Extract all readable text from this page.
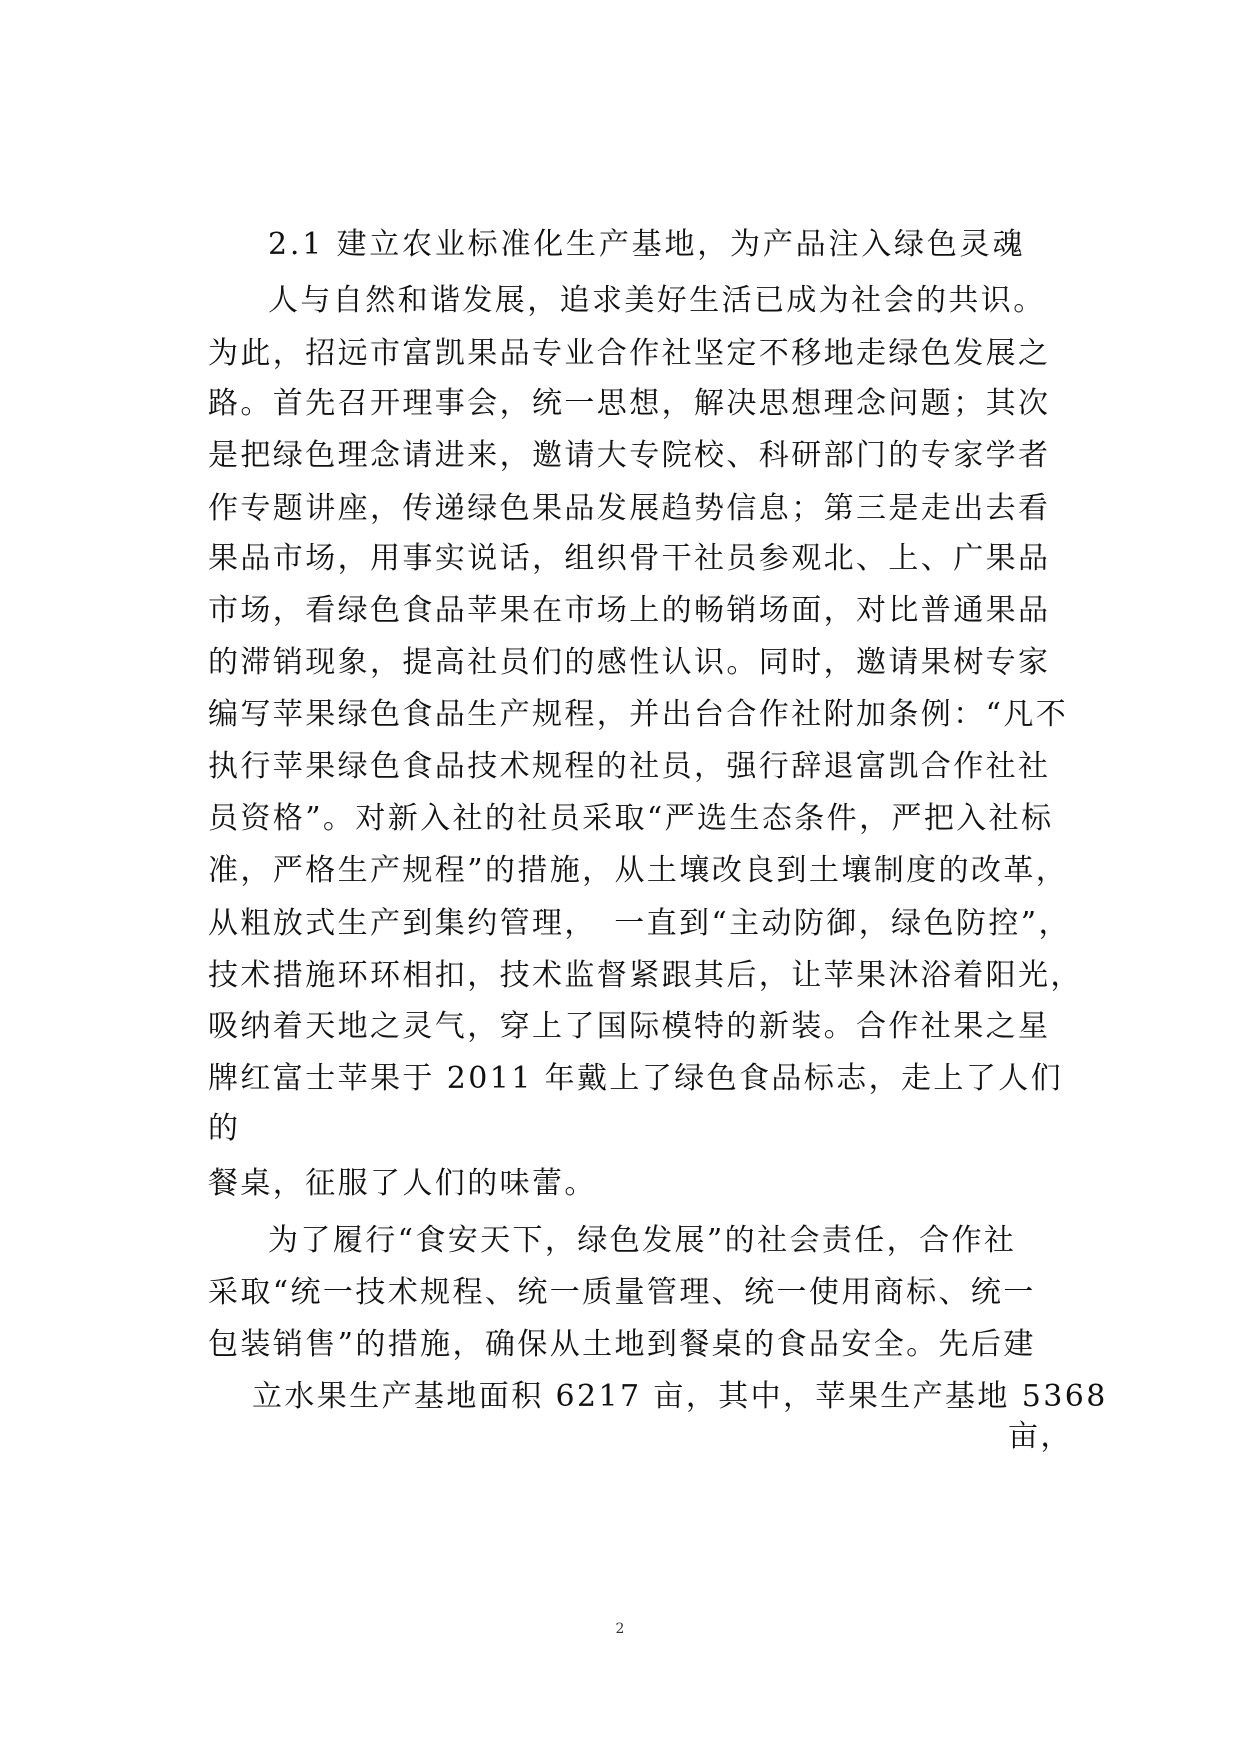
2.1 建立农业标准化生产基地，为产品注入绿色灵魂
人与自然和谐发展，追求美好生活已成为社会的共识。
为此，招远市富凯果品专业合作社坚定不移地走绿色发展之
路。首先召开理事会，统一思想，解决思想理念问题；其次
是把绿色理念请进来，邀请大专院校、科研部门的专家学者
作专题讲座，传递绿色果品发展趋势信息；第三是走出去看
果品市场，用事实说话，组织骨干社员参观北、上、广果品
市场，看绿色食品苹果在市场上的畅销场面，对比普通果品
的滞销现象，提高社员们的感性认识。同时，邀请果树专家
编写苹果绿色食品生产规程，并出台合作社附加条例：“凡不
执行苹果绿色食品技术规程的社员，强行辞退富凯合作社社
员资格”。对新入社的社员采取“严选生态条件，严把入社标
准，严格生产规程”的措施，从土壤改良到土壤制度的改革，
从粗放式生产到集约管理，　一直到“主动防御，绿色防控”，
技术措施环环相扣，技术监督紧跟其后，让苹果沐浴着阳光，
吸纳着天地之灵气，穿上了国际模特的新装。合作社果之星
牌红富士苹果于 2011 年戴上了绿色食品标志，走上了人们
的
餐桌，征服了人们的味蕾。
为了履行“食安天下，绿色发展”的社会责任，合作社
采取“统一技术规程、统一质量管理、统一使用商标、统一
包装销售”的措施，确保从土地到餐桌的食品安全。先后建
立水果生产基地面积 6217 亩，其中，苹果生产基地 5368
亩，
2
